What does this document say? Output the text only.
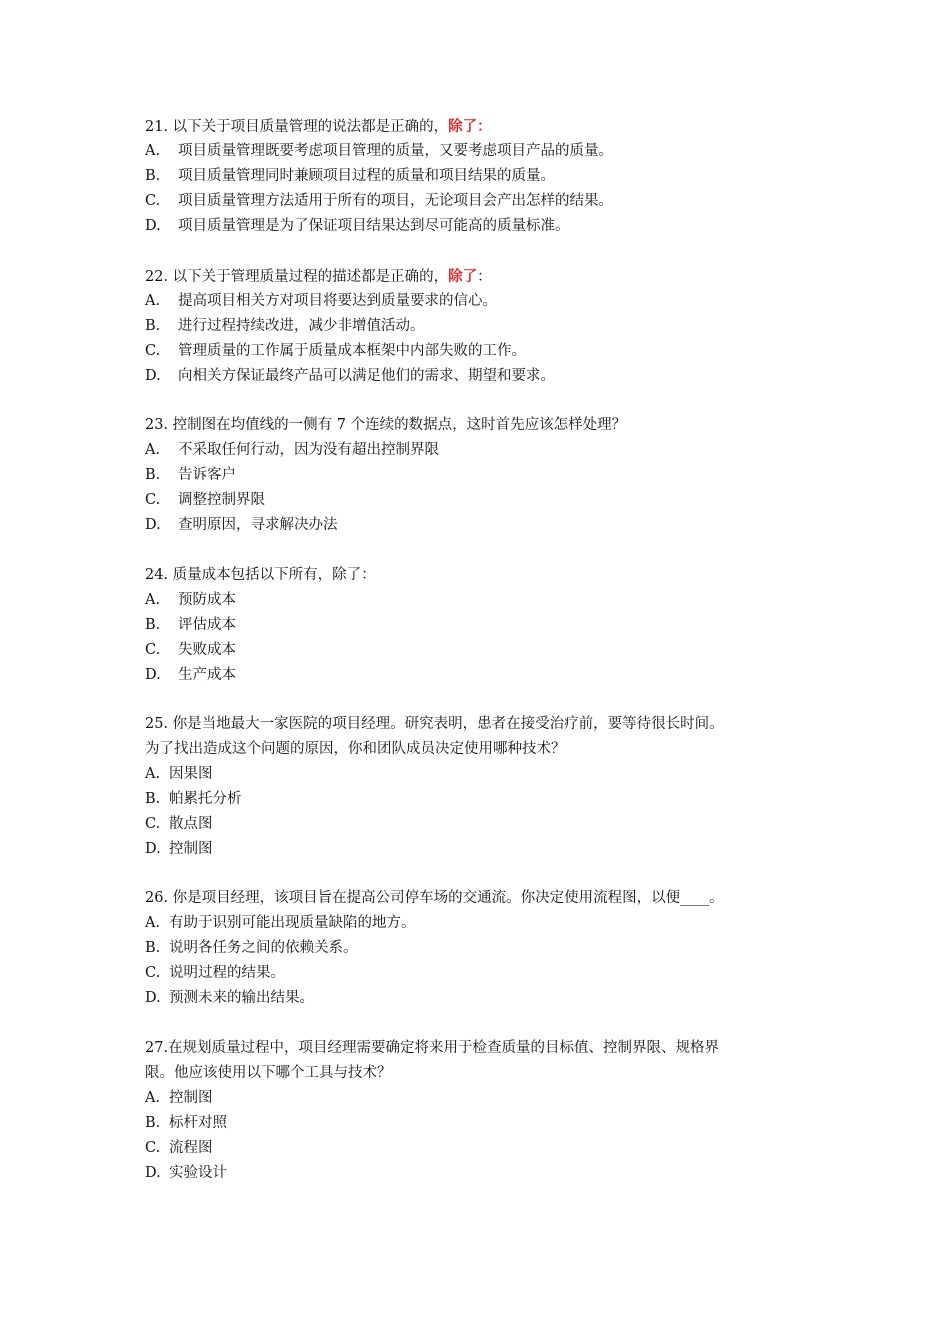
21. 以下关于项目质量管理的说法都是正确的，除了：
A. 项目质量管理既要考虑项目管理的质量，又要考虑项目产品的质量。
B. 项目质量管理同时兼顾项目过程的质量和项目结果的质量。
C. 项目质量管理方法适用于所有的项目，无论项目会产出怎样的结果。
D. 项目质量管理是为了保证项目结果达到尽可能高的质量标准。
22. 以下关于管理质量过程的描述都是正确的，除了：
A. 提高项目相关方对项目将要达到质量要求的信心。
B. 进行过程持续改进，减少非增值活动。
C. 管理质量的工作属于质量成本框架中内部失败的工作。
D. 向相关方保证最终产品可以满足他们的需求、期望和要求。
23. 控制图在均值线的一侧有 7 个连续的数据点，这时首先应该怎样处理？
A. 不采取任何行动，因为没有超出控制界限
B. 告诉客户
C. 调整控制界限
D. 查明原因，寻求解决办法
24. 质量成本包括以下所有，除了：
A. 预防成本
B. 评估成本
C. 失败成本
D. 生产成本
25. 你是当地最大一家医院的项目经理。研究表明，患者在接受治疗前，要等待很长时间。
为了找出造成这个问题的原因，你和团队成员决定使用哪种技术？
A. 因果图
B. 帕累托分析
C. 散点图
D. 控制图
26. 你是项目经理，该项目旨在提高公司停车场的交通流。你决定使用流程图，以便____。
A. 有助于识别可能出现质量缺陷的地方。
B. 说明各任务之间的依赖关系。
C. 说明过程的结果。
D. 预测未来的输出结果。
27.在规划质量过程中，项目经理需要确定将来用于检查质量的目标值、控制界限、规格界
限。他应该使用以下哪个工具与技术？
A. 控制图
B. 标杆对照
C. 流程图
D. 实验设计
